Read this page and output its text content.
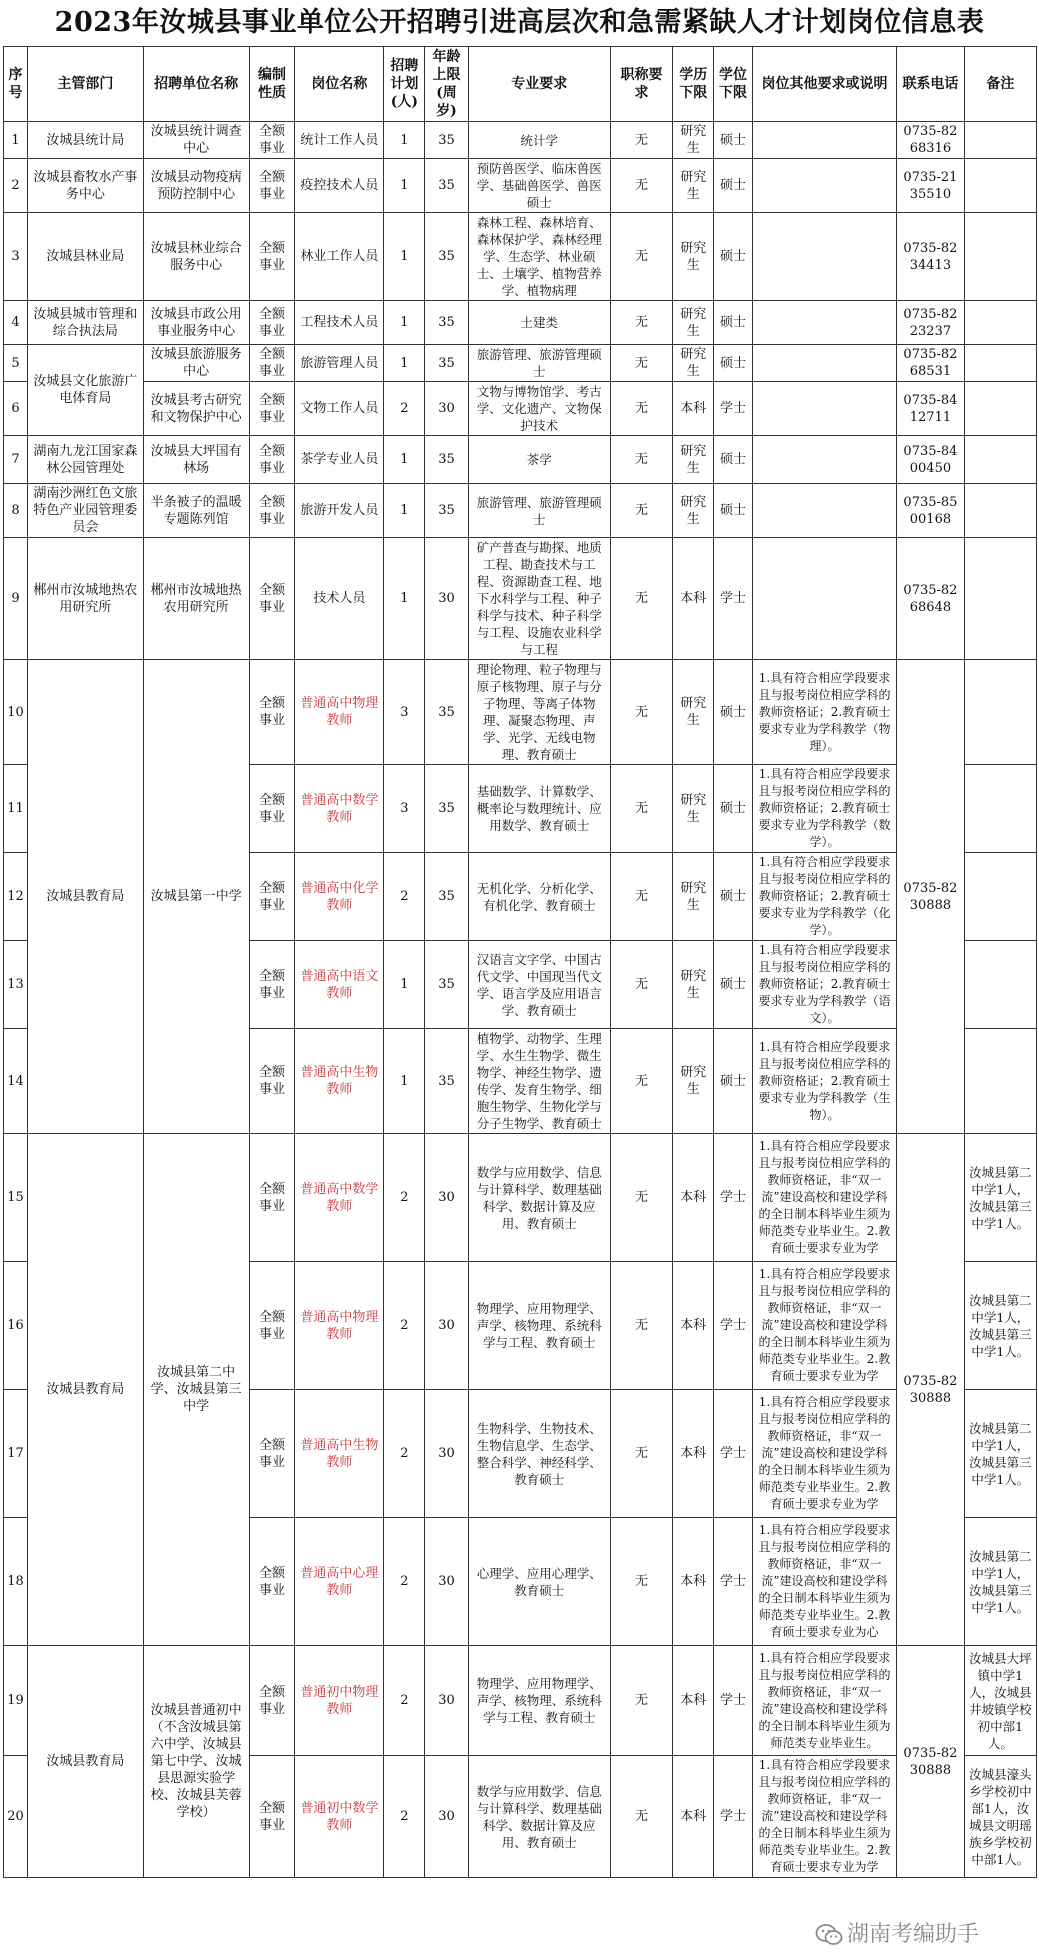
2023年汝城县事业单位公开招聘引进高层次和急需紧缺人才计划岗位信息表
序号	主管部门	招聘单位名称	编制性质	岗位名称	招聘计划(人)	年龄上限(周岁)	专业要求	职称要求	学历下限	学位下限	岗位其他要求或说明	联系电话	备注
1	汝城县统计局	汝城县统计调查中心	全额事业	统计工作人员	1	35	统计学	无	研究生	硕士		0735-8268316	
2	汝城县畜牧水产事务中心	汝城县动物疫病预防控制中心	全额事业	疫控技术人员	1	35	预防兽医学、临床兽医学、基础兽医学、兽医硕士	无	研究生	硕士		0735-2135510	
3	汝城县林业局	汝城县林业综合服务中心	全额事业	林业工作人员	1	35	森林工程、森林培育、森林保护学、森林经理学、生态学、林业硕士、土壤学、植物营养学、植物病理	无	研究生	硕士		0735-8234413	
4	汝城县城市管理和综合执法局	汝城县市政公用事业服务中心	全额事业	工程技术人员	1	35	土建类	无	研究生	硕士		0735-8223237	
5	汝城县文化旅游广电体育局	汝城县旅游服务中心	全额事业	旅游管理人员	1	35	旅游管理、旅游管理硕士	无	研究生	硕士		0735-8268531	
6		汝城县考古研究和文物保护中心	全额事业	文物工作人员	2	30	文物与博物馆学、考古学、文化遗产、文物保护技术	无	本科	学士		0735-8412711	
7	湖南九龙江国家森林公园管理处	汝城县大坪国有林场	全额事业	茶学专业人员	1	35	茶学	无	研究生	硕士		0735-8400450	
8	湖南沙洲红色文旅特色产业园管理委员会	半条被子的温暖专题陈列馆	全额事业	旅游开发人员	1	35	旅游管理、旅游管理硕士	无	研究生	硕士		0735-8500168	
9	郴州市汝城地热农用研究所	郴州市汝城地热农用研究所	全额事业	技术人员	1	30	矿产普查与勘探、地质工程、勘查技术与工程、资源勘查工程、地下水科学与工程、种子科学与技术、种子科学与工程、设施农业科学与工程	无	本科	学士		0735-8268648	
10	汝城县教育局	汝城县第一中学	全额事业	普通高中物理教师	3	35	理论物理、粒子物理与原子核物理、原子与分子物理、等离子体物理、凝聚态物理、声学、光学、无线电物理、教育硕士	无	研究生	硕士	1.具有符合相应学段要求且与报考岗位相应学科的教师资格证；2.教育硕士要求专业为学科教学（物理）。	0735-8230888	
11			全额事业	普通高中数学教师	3	35	基础数学、计算数学、概率论与数理统计、应用数学、教育硕士	无	研究生	硕士	1.具有符合相应学段要求且与报考岗位相应学科的教师资格证；2.教育硕士要求专业为学科教学（数学）。		
12			全额事业	普通高中化学教师	2	35	无机化学、分析化学、有机化学、教育硕士	无	研究生	硕士	1.具有符合相应学段要求且与报考岗位相应学科的教师资格证；2.教育硕士要求专业为学科教学（化学）。		
13			全额事业	普通高中语文教师	1	35	汉语言文字学、中国古代文学、中国现当代文学、语言学及应用语言学、教育硕士	无	研究生	硕士	1.具有符合相应学段要求且与报考岗位相应学科的教师资格证；2.教育硕士要求专业为学科教学（语文）。		
14			全额事业	普通高中生物教师	1	35	植物学、动物学、生理学、水生生物学、微生物学、神经生物学、遗传学、发育生物学、细胞生物学、生物化学与分子生物学、教育硕士	无	研究生	硕士	1.具有符合相应学段要求且与报考岗位相应学科的教师资格证；2.教育硕士要求专业为学科教学（生物）。		
15	汝城县教育局	汝城县第二中学、汝城县第三中学	全额事业	普通高中数学教师	2	30	数学与应用数学、信息与计算科学、数理基础科学、数据计算及应用、教育硕士	无	本科	学士	1.具有符合相应学段要求且与报考岗位相应学科的教师资格证，非“双一流”建设高校和建设学科的全日制本科毕业生须为师范类专业毕业生。2.教育硕士要求专业为学	0735-8230888	汝城县第二中学1人，汝城县第三中学1人。
16			全额事业	普通高中物理教师	2	30	物理学、应用物理学、声学、核物理、系统科学与工程、教育硕士	无	本科	学士	1.具有符合相应学段要求且与报考岗位相应学科的教师资格证，非“双一流”建设高校和建设学科的全日制本科毕业生须为师范类专业毕业生。2.教育硕士要求专业为学		汝城县第二中学1人，汝城县第三中学1人。
17			全额事业	普通高中生物教师	2	30	生物科学、生物技术、生物信息学、生态学、整合科学、神经科学、教育硕士	无	本科	学士	1.具有符合相应学段要求且与报考岗位相应学科的教师资格证，非“双一流”建设高校和建设学科的全日制本科毕业生须为师范类专业毕业生。2.教育硕士要求专业为学		汝城县第二中学1人，汝城县第三中学1人。
18			全额事业	普通高中心理教师	2	30	心理学、应用心理学、教育硕士	无	本科	学士	1.具有符合相应学段要求且与报考岗位相应学科的教师资格证，非“双一流”建设高校和建设学科的全日制本科毕业生须为师范类专业毕业生。2.教育硕士要求专业为心		汝城县第二中学1人，汝城县第三中学1人。
19	汝城县教育局	汝城县普通初中（不含汝城县第六中学、汝城县第七中学、汝城县思源实验学校、汝城县芙蓉学校）	全额事业	普通初中物理教师	2	30	物理学、应用物理学、声学、核物理、系统科学与工程、教育硕士	无	本科	学士	1.具有符合相应学段要求且与报考岗位相应学科的教师资格证，非“双一流”建设高校和建设学科的全日制本科毕业生须为师范类专业毕业生。	0735-8230888	汝城县大坪镇中学1人，汝城县井坡镇学校初中部1人。
20			全额事业	普通初中数学教师	2	30	数学与应用数学、信息与计算科学、数理基础科学、数据计算及应用、教育硕士	无	本科	学士	1.具有符合相应学段要求且与报考岗位相应学科的教师资格证，非“双一流”建设高校和建设学科的全日制本科毕业生须为师范类专业毕业生。2.教育硕士要求专业为学		汝城县濠头乡学校初中部1人，汝城县文明瑶族乡学校初中部1人。
湖南考编助手
